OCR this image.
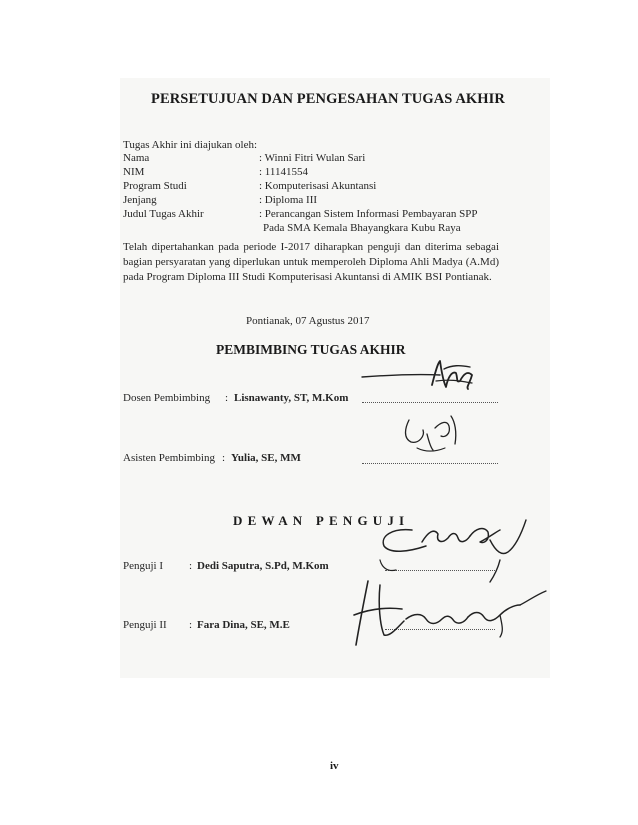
PERSETUJUAN DAN PENGESAHAN TUGAS AKHIR
Tugas Akhir ini diajukan oleh:
Nama
NIM
Program Studi
Jenjang
Judul Tugas Akhir
: Winni Fitri Wulan Sari
: 11141554
: Komputerisasi Akuntansi
: Diploma III
: Perancangan Sistem Informasi Pembayaran SPP
Pada SMA Kemala Bhayangkara Kubu Raya
Telah dipertahankan pada periode I-2017 diharapkan penguji dan diterima sebagai bagian persyaratan yang diperlukan untuk memperoleh Diploma Ahli Madya (A.Md) pada Program Diploma III Studi Komputerisasi Akuntansi di AMIK BSI Pontianak.
Pontianak, 07 Agustus 2017
PEMBIMBING TUGAS AKHIR
Dosen Pembimbing : Lisnawanty, ST, M.Kom
Asisten Pembimbing : Yulia, SE, MM
DEWAN PENGUJI
Penguji I : Dedi Saputra, S.Pd, M.Kom
Penguji II : Fara Dina, SE, M.E
iv
